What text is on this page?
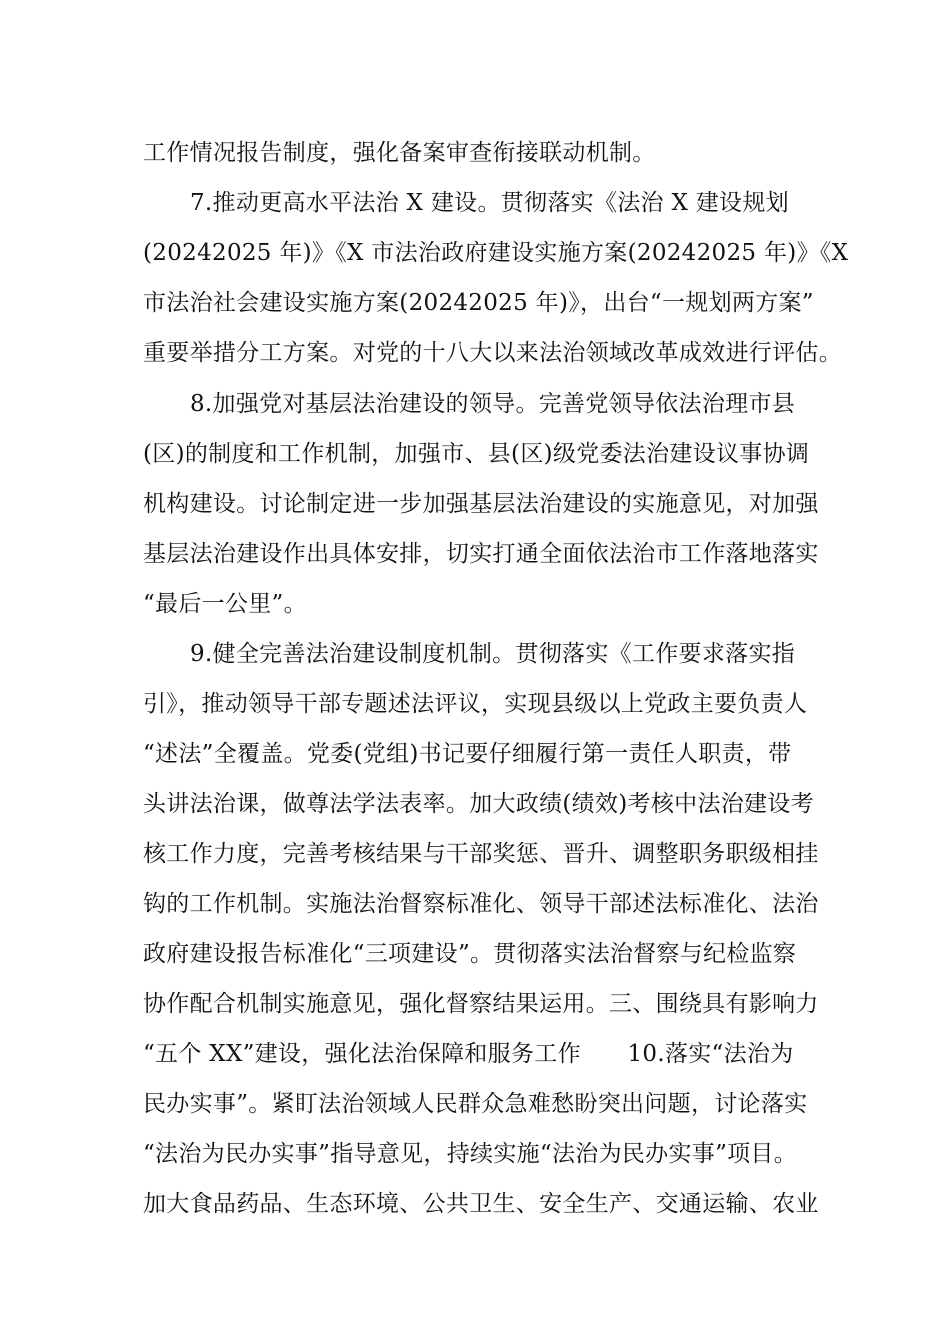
工作情况报告制度，强化备案审查衔接联动机制。
7.推动更高水平法治 X 建设。贯彻落实《法治 X 建设规划
(20242025 年)》《X 市法治政府建设实施方案(20242025 年)》《X
市法治社会建设实施方案(20242025 年)》，出台“一规划两方案”
重要举措分工方案。对党的十八大以来法治领域改革成效进行评估。
8.加强党对基层法治建设的领导。完善党领导依法治理市县
(区)的制度和工作机制，加强市、县(区)级党委法治建设议事协调
机构建设。讨论制定进一步加强基层法治建设的实施意见，对加强
基层法治建设作出具体安排，切实打通全面依法治市工作落地落实
“最后一公里”。
9.健全完善法治建设制度机制。贯彻落实《工作要求落实指
引》，推动领导干部专题述法评议，实现县级以上党政主要负责人
“述法”全覆盖。党委(党组)书记要仔细履行第一责任人职责，带
头讲法治课，做尊法学法表率。加大政绩(绩效)考核中法治建设考
核工作力度，完善考核结果与干部奖惩、晋升、调整职务职级相挂
钩的工作机制。实施法治督察标准化、领导干部述法标准化、法治
政府建设报告标准化“三项建设”。贯彻落实法治督察与纪检监察
协作配合机制实施意见，强化督察结果运用。三、围绕具有影响力
“五个 XX”建设，强化法治保障和服务工作　　10.落实“法治为
民办实事”。紧盯法治领域人民群众急难愁盼突出问题，讨论落实
“法治为民办实事”指导意见，持续实施“法治为民办实事”项目。
加大食品药品、生态环境、公共卫生、安全生产、交通运输、农业
